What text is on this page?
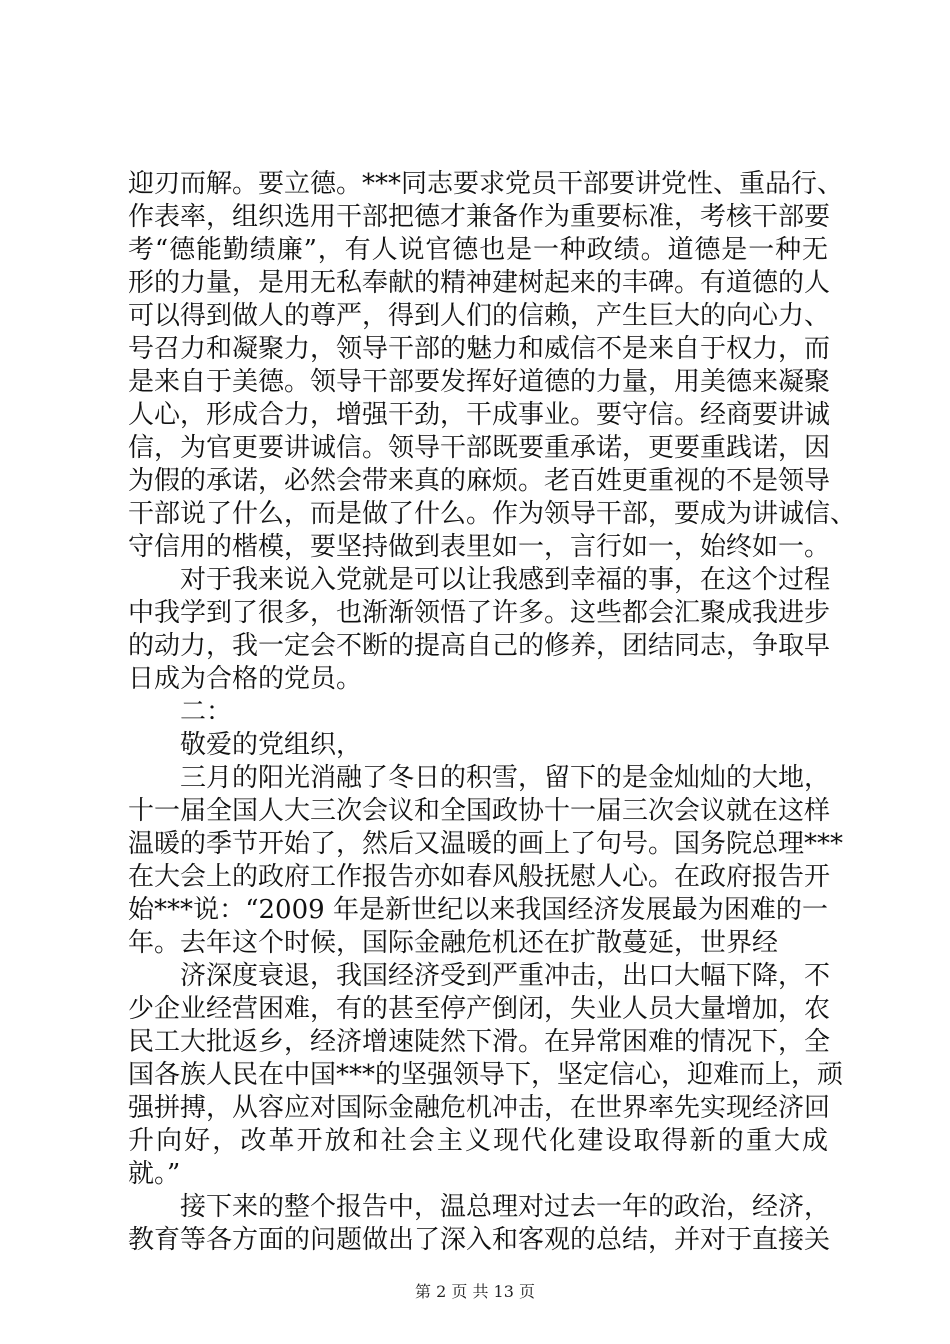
迎刃而解。要立德。***同志要求党员干部要讲党性、重品行、
作表率，组织选用干部把德才兼备作为重要标准，考核干部要
考“德能勤绩廉”，有人说官德也是一种政绩。道德是一种无
形的力量，是用无私奉献的精神建树起来的丰碑。有道德的人
可以得到做人的尊严，得到人们的信赖，产生巨大的向心力、
号召力和凝聚力，领导干部的魅力和威信不是来自于权力，而
是来自于美德。领导干部要发挥好道德的力量，用美德来凝聚
人心，形成合力，增强干劲，干成事业。要守信。经商要讲诚
信，为官更要讲诚信。领导干部既要重承诺，更要重践诺，因
为假的承诺，必然会带来真的麻烦。老百姓更重视的不是领导
干部说了什么，而是做了什么。作为领导干部，要成为讲诚信、
守信用的楷模，要坚持做到表里如一，言行如一，始终如一。
对于我来说入党就是可以让我感到幸福的事，在这个过程
中我学到了很多，也渐渐领悟了许多。这些都会汇聚成我进步
的动力，我一定会不断的提高自己的修养，团结同志，争取早
日成为合格的党员。
二：
敬爱的党组织，
三月的阳光消融了冬日的积雪，留下的是金灿灿的大地，
十一届全国人大三次会议和全国政协十一届三次会议就在这样
温暖的季节开始了，然后又温暖的画上了句号。国务院总理***
在大会上的政府工作报告亦如春风般抚慰人心。在政府报告开
始***说：“2009 年是新世纪以来我国经济发展最为困难的一
年。去年这个时候，国际金融危机还在扩散蔓延，世界经
济深度衰退，我国经济受到严重冲击，出口大幅下降，不
少企业经营困难，有的甚至停产倒闭，失业人员大量增加，农
民工大批返乡，经济增速陡然下滑。在异常困难的情况下，全
国各族人民在中国***的坚强领导下，坚定信心，迎难而上，顽
强拼搏，从容应对国际金融危机冲击，在世界率先实现经济回
升向好，改革开放和社会主义现代化建设取得新的重大成
就。”
接下来的整个报告中，温总理对过去一年的政治，经济，
教育等各方面的问题做出了深入和客观的总结，并对于直接关
第 2 页 共 13 页
